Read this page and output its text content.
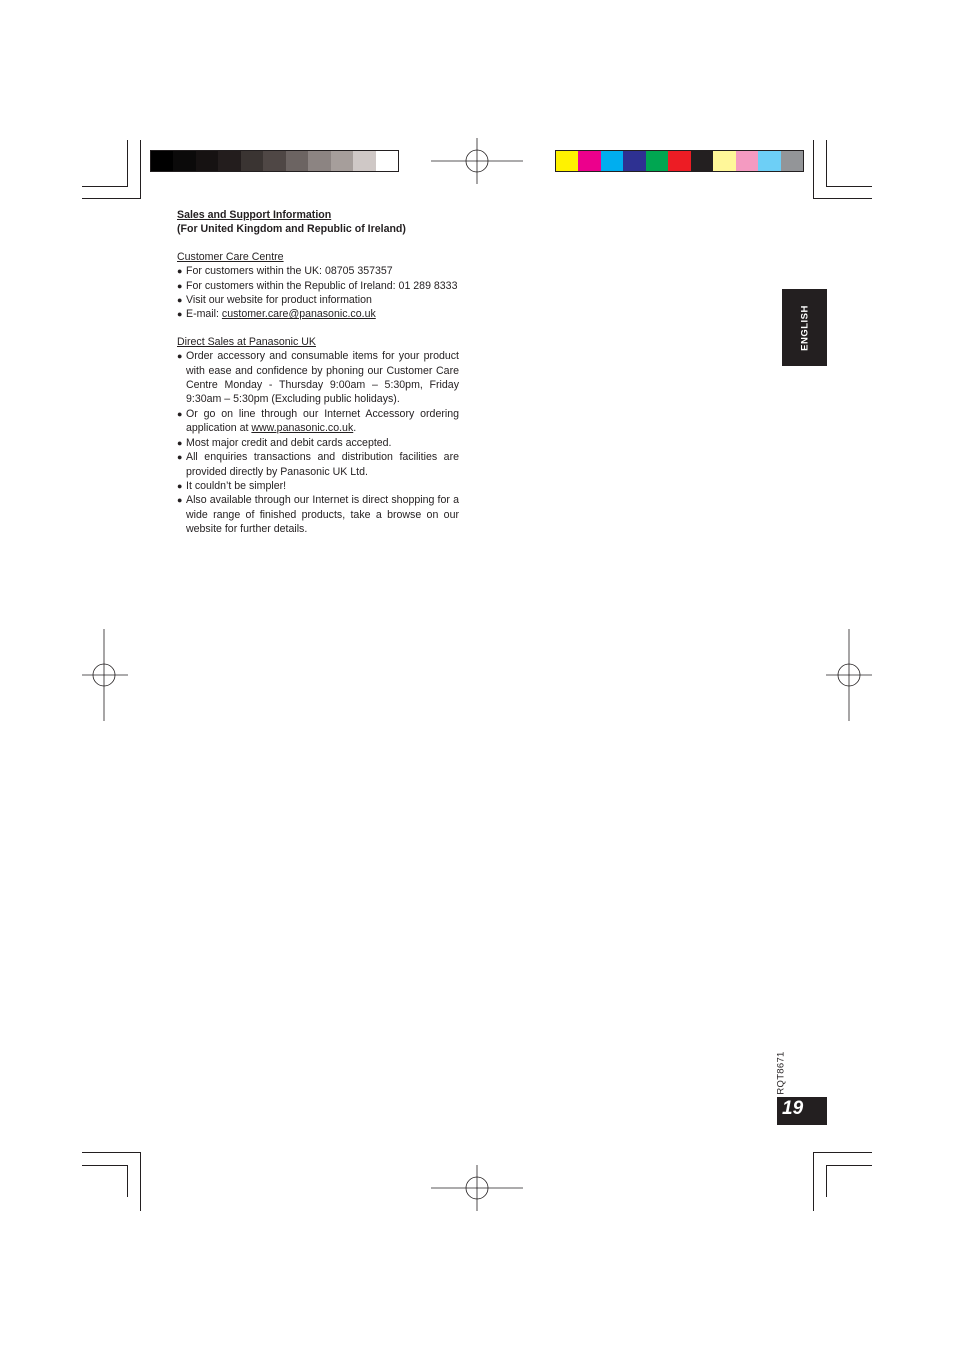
Sales and Support Information
(For United Kingdom and Republic of Ireland)
Customer Care Centre
● For customers within the UK: 08705 357357
● For customers within the Republic of Ireland: 01 289 8333
● Visit our website for product information
● E-mail: customer.care@panasonic.co.uk
Direct Sales at Panasonic UK
● Order accessory and consumable items for your product with ease and confidence by phoning our Customer Care Centre Monday - Thursday 9:00am – 5:30pm, Friday 9:30am – 5:30pm (Excluding public holidays).
● Or go on line through our Internet Accessory ordering application at www.panasonic.co.uk.
● Most major credit and debit cards accepted.
● All enquiries transactions and distribution facilities are provided directly by Panasonic UK Ltd.
● It couldn’t be simpler!
● Also available through our Internet is direct shopping for a wide range of finished products, take a browse on our website for further details.
ENGLISH
RQT8671
19
